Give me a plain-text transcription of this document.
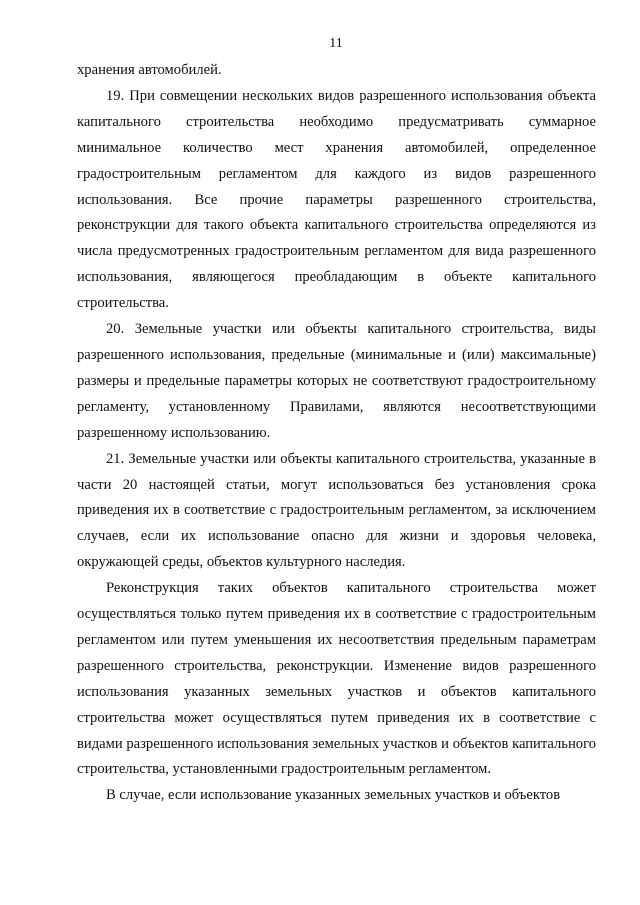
11

хранения автомобилей.

19. При совмещении нескольких видов разрешенного использования объекта капитального строительства необходимо предусматривать суммарное минимальное количество мест хранения автомобилей, определенное градостроительным регламентом для каждого из видов разрешенного использования. Все прочие параметры разрешенного строительства, реконструкции для такого объекта капитального строительства определяются из числа предусмотренных градостроительным регламентом для вида разрешенного использования, являющегося преобладающим в объекте капитального строительства.

20. Земельные участки или объекты капитального строительства, виды разрешенного использования, предельные (минимальные и (или) максимальные) размеры и предельные параметры которых не соответствуют градостроительному регламенту, установленному Правилами, являются несоответствующими разрешенному использованию.

21. Земельные участки или объекты капитального строительства, указанные в части 20 настоящей статьи, могут использоваться без установления срока приведения их в соответствие с градостроительным регламентом, за исключением случаев, если их использование опасно для жизни и здоровья человека, окружающей среды, объектов культурного наследия.

Реконструкция таких объектов капитального строительства может осуществляться только путем приведения их в соответствие с градостроительным регламентом или путем уменьшения их несоответствия предельным параметрам разрешенного строительства, реконструкции. Изменение видов разрешенного использования указанных земельных участков и объектов капитального строительства может осуществляться путем приведения их в соответствие с видами разрешенного использования земельных участков и объектов капитального строительства, установленными градостроительным регламентом.

В случае, если использование указанных земельных участков и объектов
